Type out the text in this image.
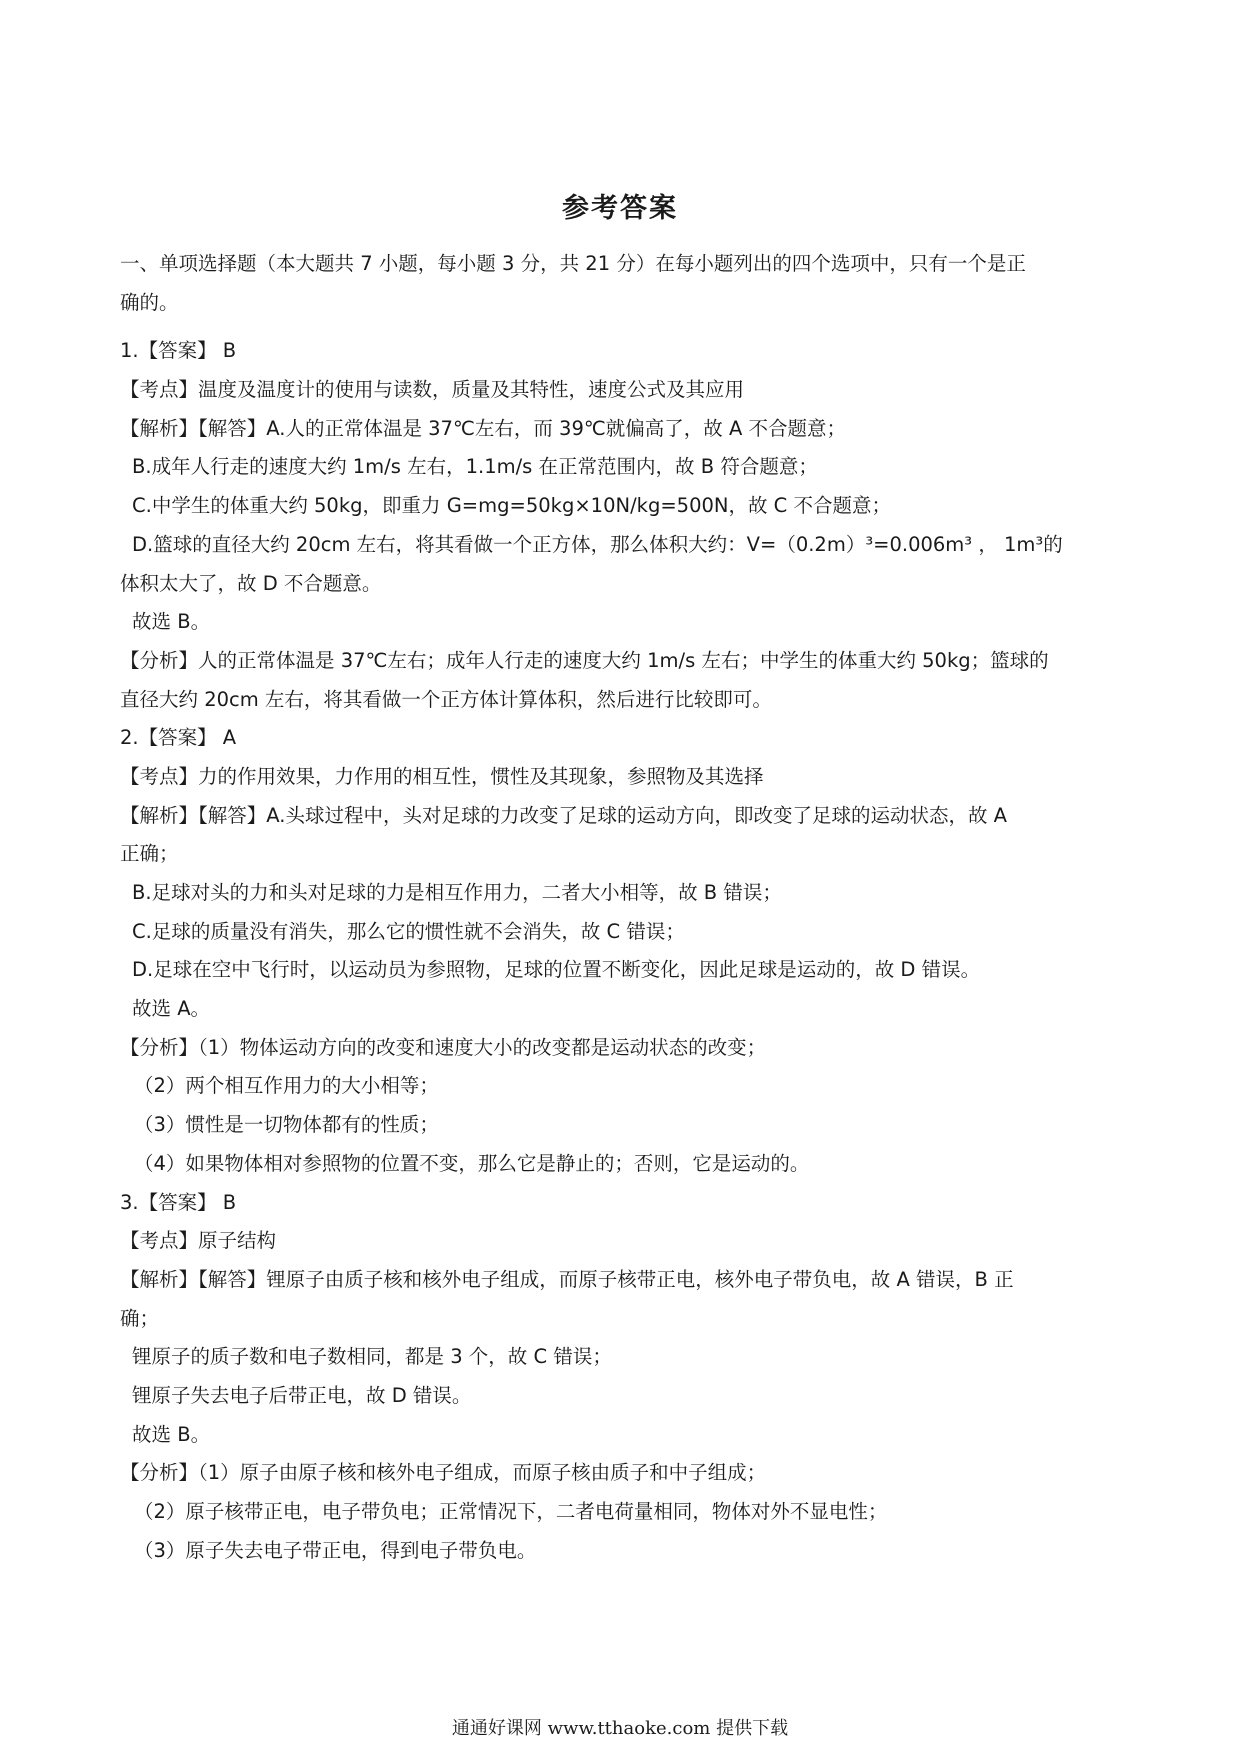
参考答案
一、单项选择题（本大题共 7 小题，每小题 3 分，共 21 分）在每小题列出的四个选项中，只有一个是正
确的。
1.【答案】 B
【考点】温度及温度计的使用与读数，质量及其特性，速度公式及其应用
【解析】【解答】A.人的正常体温是 37℃左右，而 39℃就偏高了，故 A 不合题意；
B.成年人行走的速度大约 1m/s 左右，1.1m/s 在正常范围内，故 B 符合题意；
C.中学生的体重大约 50kg，即重力 G=mg=50kg×10N/kg=500N，故 C 不合题意；
D.篮球的直径大约 20cm 左右，将其看做一个正方体，那么体积大约：V=（0.2m）³=0.006m³ ， 1m³的
体积太大了，故 D 不合题意。
故选 B。
【分析】人的正常体温是 37℃左右；成年人行走的速度大约 1m/s 左右；中学生的体重大约 50kg；篮球的
直径大约 20cm 左右，将其看做一个正方体计算体积，然后进行比较即可。
2.【答案】 A
【考点】力的作用效果，力作用的相互性，惯性及其现象，参照物及其选择
【解析】【解答】A.头球过程中，头对足球的力改变了足球的运动方向，即改变了足球的运动状态，故 A
正确；
B.足球对头的力和头对足球的力是相互作用力，二者大小相等，故 B 错误；
C.足球的质量没有消失，那么它的惯性就不会消失，故 C 错误；
D.足球在空中飞行时，以运动员为参照物，足球的位置不断变化，因此足球是运动的，故 D 错误。
故选 A。
【分析】（1）物体运动方向的改变和速度大小的改变都是运动状态的改变；
（2）两个相互作用力的大小相等；
（3）惯性是一切物体都有的性质；
（4）如果物体相对参照物的位置不变，那么它是静止的；否则，它是运动的。
3.【答案】 B
【考点】原子结构
【解析】【解答】锂原子由质子核和核外电子组成，而原子核带正电，核外电子带负电，故 A 错误，B 正
确；
锂原子的质子数和电子数相同，都是 3 个，故 C 错误；
锂原子失去电子后带正电，故 D 错误。
故选 B。
【分析】（1）原子由原子核和核外电子组成，而原子核由质子和中子组成；
（2）原子核带正电，电子带负电；正常情况下，二者电荷量相同，物体对外不显电性；
（3）原子失去电子带正电，得到电子带负电。
通通好课网 www.tthaoke.com 提供下载
